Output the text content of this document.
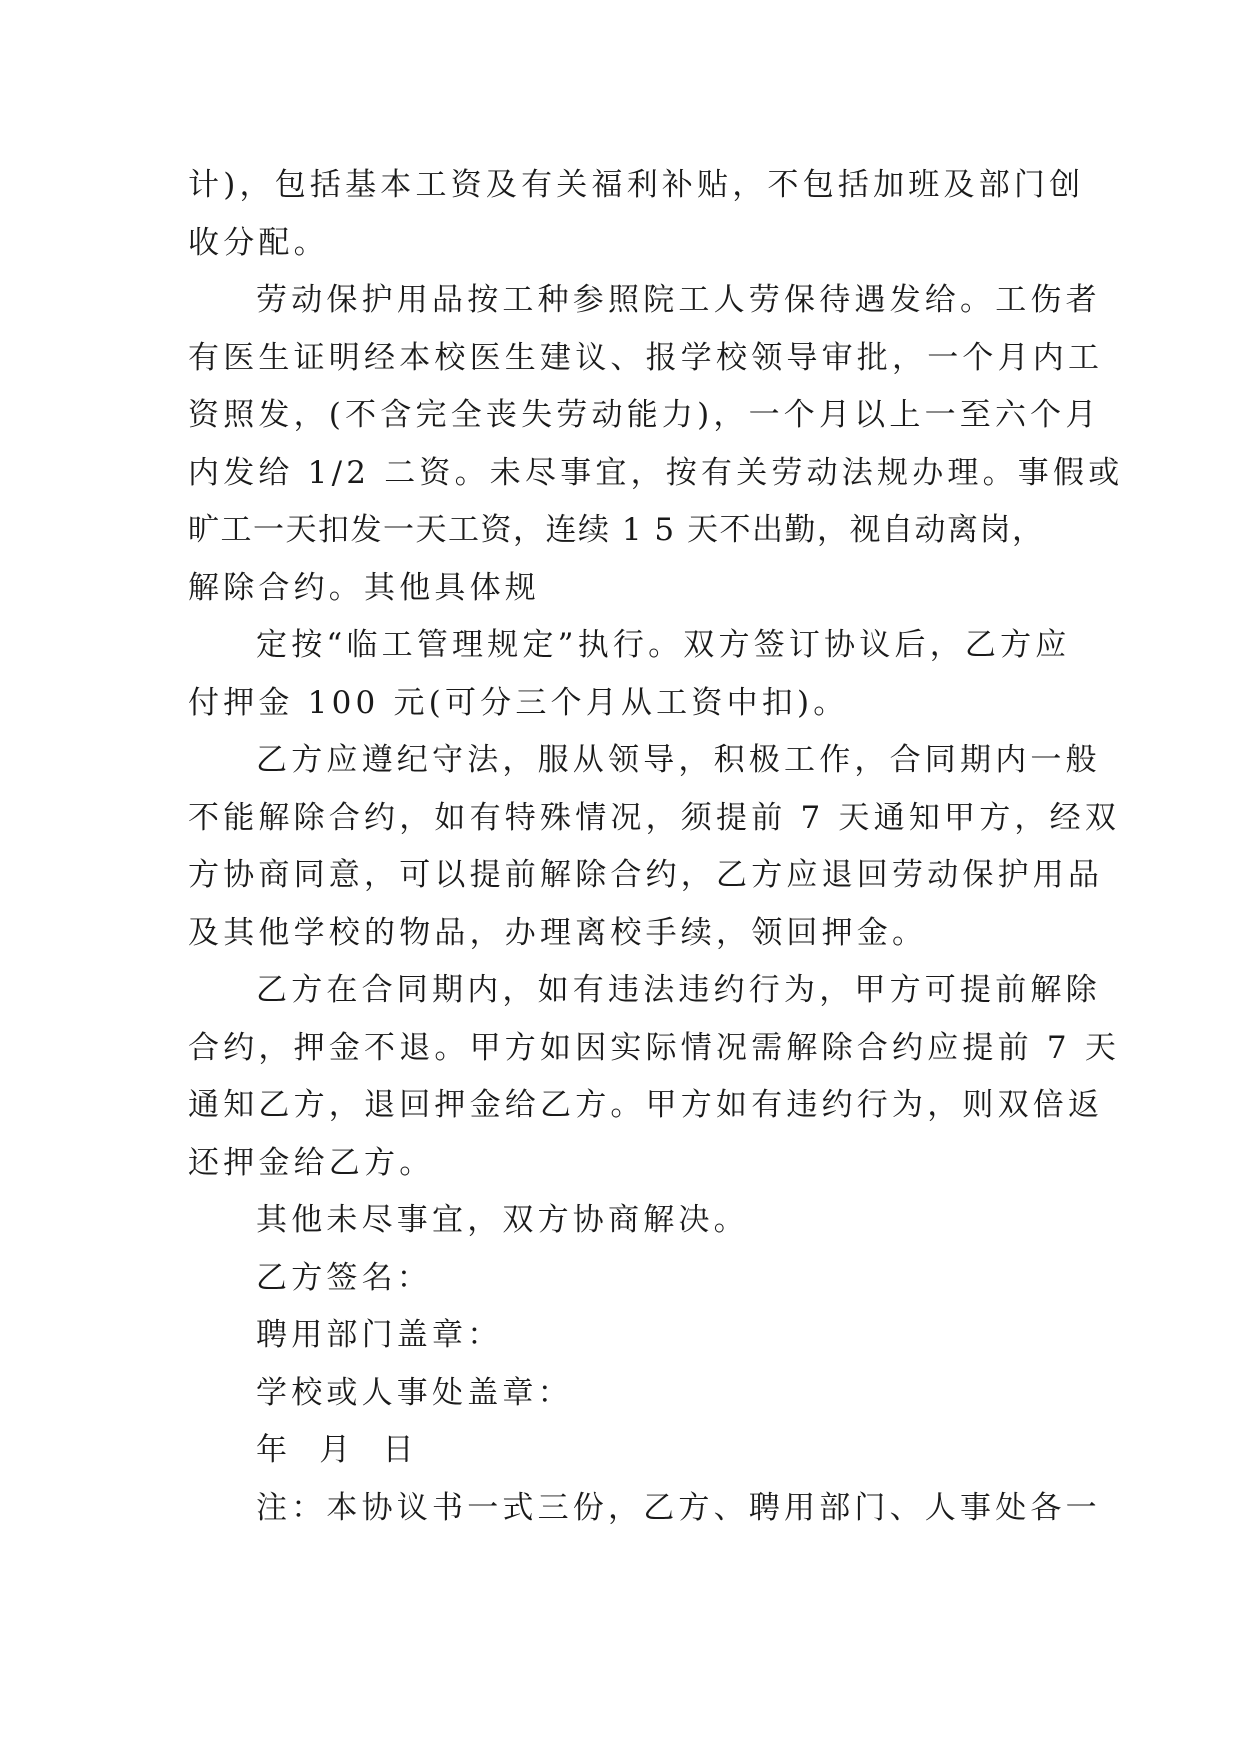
计)，包括基本工资及有关福利补贴，不包括加班及部门创
收分配。
劳动保护用品按工种参照院工人劳保待遇发给。工伤者
有医生证明经本校医生建议、报学校领导审批，一个月内工
资照发，(不含完全丧失劳动能力)，一个月以上一至六个月
内发给 1/2 二资。未尽事宜，按有关劳动法规办理。事假或
旷工一天扣发一天工资，连续 1 5 天不出勤，视自动离岗，
解除合约。其他具体规
定按“临工管理规定”执行。双方签订协议后，乙方应
付押金 100 元(可分三个月从工资中扣)。
乙方应遵纪守法，服从领导，积极工作，合同期内一般
不能解除合约，如有特殊情况，须提前 7 天通知甲方，经双
方协商同意，可以提前解除合约，乙方应退回劳动保护用品
及其他学校的物品，办理离校手续，领回押金。
乙方在合同期内，如有违法违约行为，甲方可提前解除
合约，押金不退。甲方如因实际情况需解除合约应提前 7 天
通知乙方，退回押金给乙方。甲方如有违约行为，则双倍返
还押金给乙方。
其他未尽事宜，双方协商解决。
乙方签名：
聘用部门盖章：
学校或人事处盖章：
年  月  日
注：本协议书一式三份，乙方、聘用部门、人事处各一
